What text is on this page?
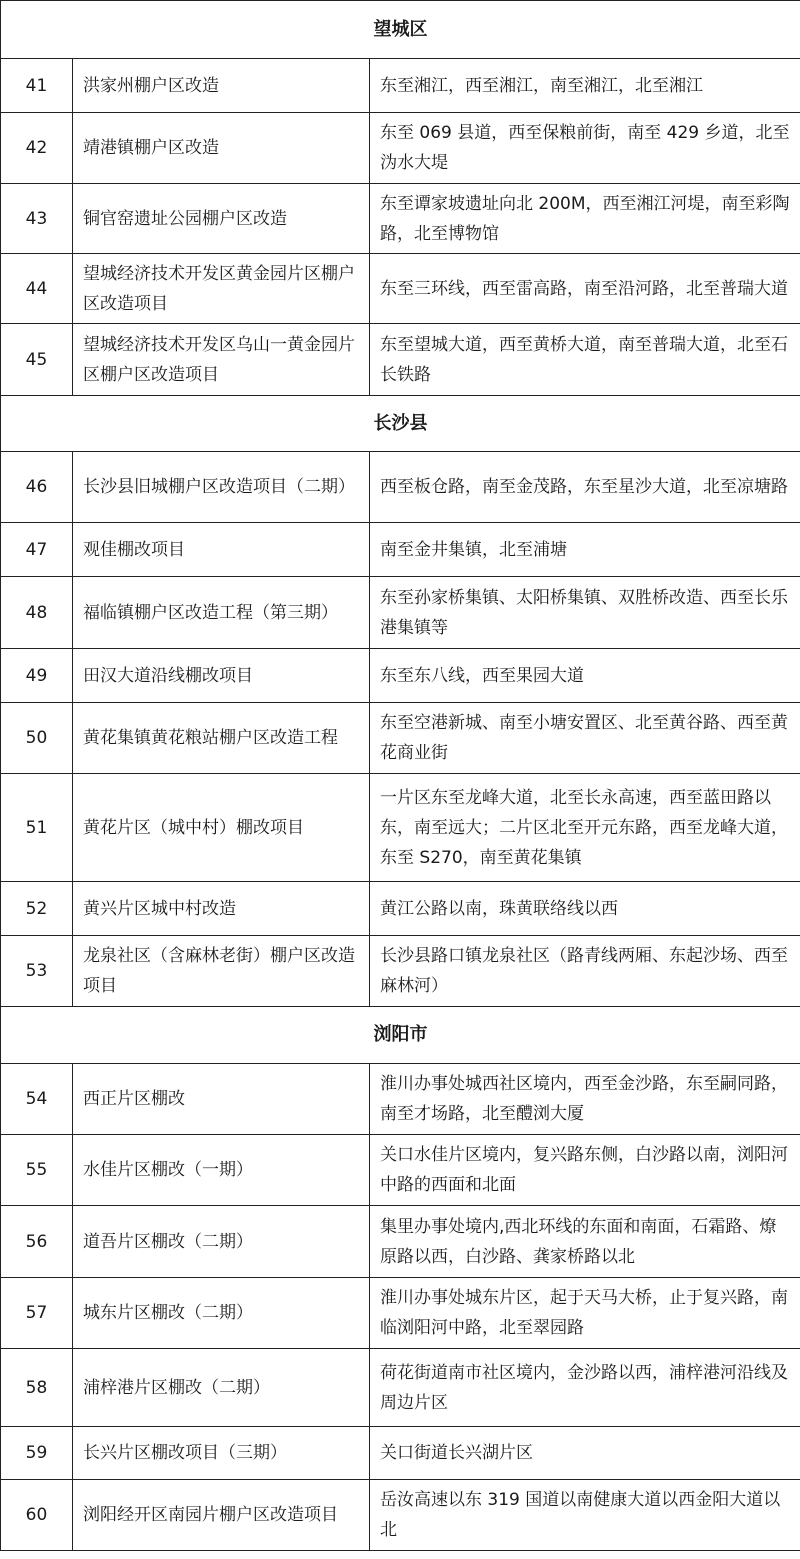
望城区		
41	洪家州棚户区改造	东至湘江，西至湘江，南至湘江，北至湘江
42	靖港镇棚户区改造	东至 069 县道，西至保粮前街，南至 429 乡道，北至沩水大堤
43	铜官窑遗址公园棚户区改造	东至谭家坡遗址向北 200M，西至湘江河堤，南至彩陶路，北至博物馆
44	望城经济技术开发区黄金园片区棚户区改造项目	东至三环线，西至雷高路，南至沿河路，北至普瑞大道
45	望城经济技术开发区乌山一黄金园片区棚户区改造项目	东至望城大道，西至黄桥大道，南至普瑞大道，北至石长铁路
长沙县		
46	长沙县旧城棚户区改造项目（二期）	西至板仓路，南至金茂路，东至星沙大道，北至凉塘路
47	观佳棚改项目	南至金井集镇，北至浦塘
48	福临镇棚户区改造工程（第三期）	东至孙家桥集镇、太阳桥集镇、双胜桥改造、西至长乐港集镇等
49	田汉大道沿线棚改项目	东至东八线，西至果园大道
50	黄花集镇黄花粮站棚户区改造工程	东至空港新城、南至小塘安置区、北至黄谷路、西至黄花商业街
51	黄花片区（城中村）棚改项目	一片区东至龙峰大道，北至长永高速，西至蓝田路以东，南至远大；二片区北至开元东路，西至龙峰大道，东至 S270，南至黄花集镇
52	黄兴片区城中村改造	黄江公路以南，珠黄联络线以西
53	龙泉社区（含麻林老街）棚户区改造项目	长沙县路口镇龙泉社区（路青线两厢、东起沙场、西至麻林河）
浏阳市		
54	西正片区棚改	淮川办事处城西社区境内，西至金沙路，东至嗣同路，南至才场路，北至醴浏大厦
55	水佳片区棚改（一期）	关口水佳片区境内，复兴路东侧，白沙路以南，浏阳河中路的西面和北面
56	道吾片区棚改（二期）	集里办事处境内,西北环线的东面和南面，石霜路、燎原路以西，白沙路、龚家桥路以北
57	城东片区棚改（二期）	淮川办事处城东片区，起于天马大桥，止于复兴路，南临浏阳河中路，北至翠园路
58	浦梓港片区棚改（二期）	荷花街道南市社区境内，金沙路以西，浦梓港河沿线及周边片区
59	长兴片区棚改项目（三期）	关口街道长兴湖片区
60	浏阳经开区南园片棚户区改造项目	岳汝高速以东 319 国道以南健康大道以西金阳大道以北
